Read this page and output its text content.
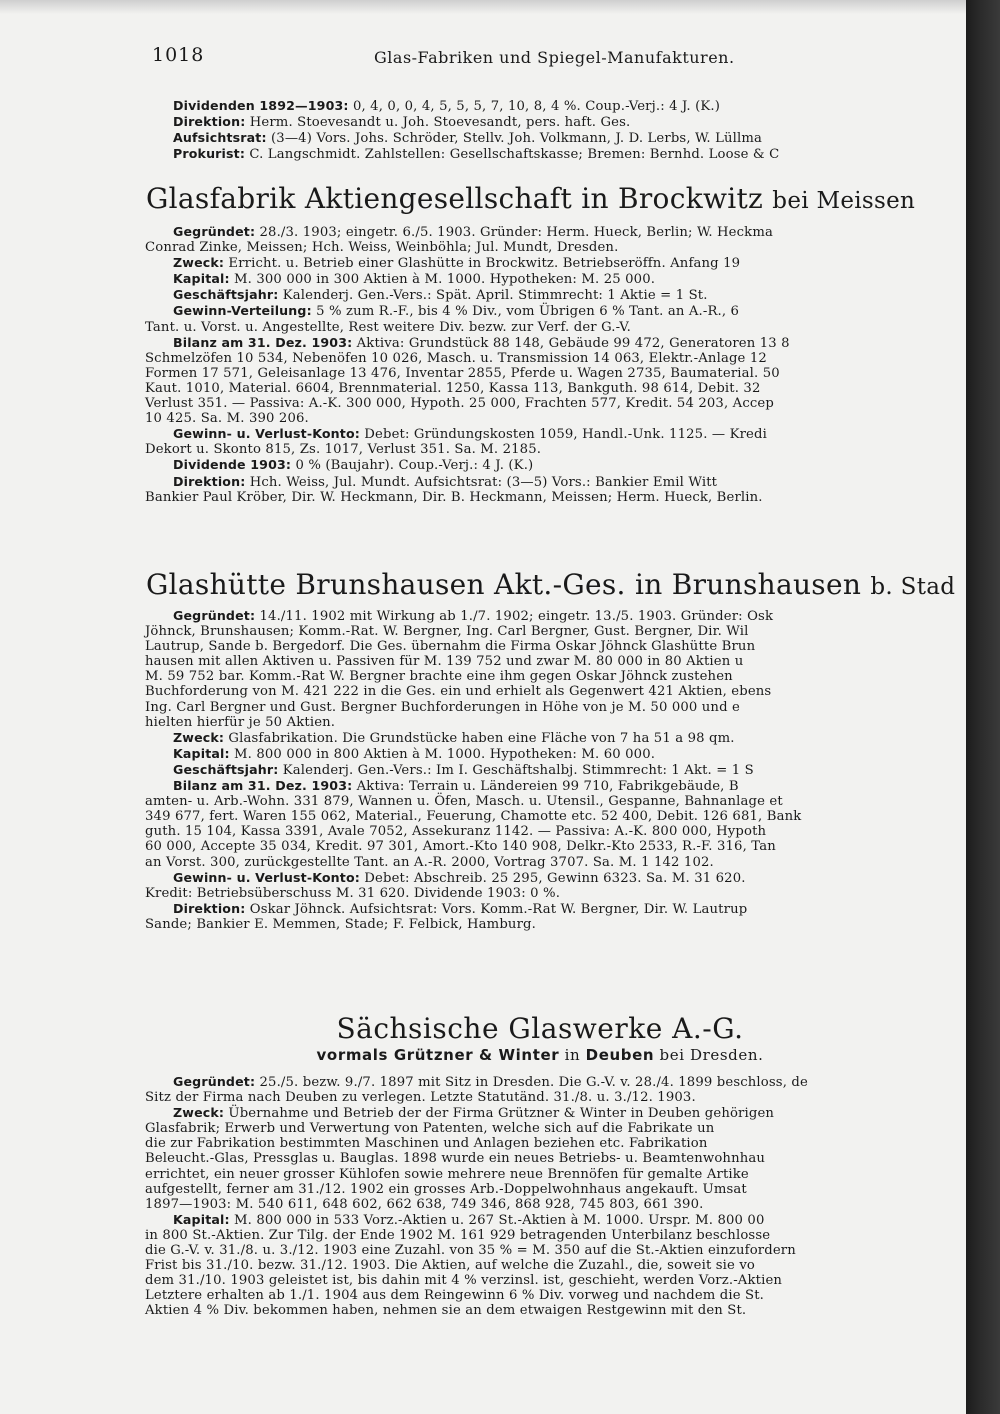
1018	Glas-Fabriken und Spiegel-Manufakturen.
Dividenden 1892—1903: 0, 4, 0, 0, 4, 5, 5, 5, 7, 10, 8, 4 %. Coup.-Verj.: 4 J. (K.)
Direktion: Herm. Stoevesandt u. Joh. Stoevesandt, pers. haft. Ges.
Aufsichtsrat: (3—4) Vors. Johs. Schröder, Stellv. Joh. Volkmann, J. D. Lerbs, W. Lüllma
Prokurist: C. Langschmidt. Zahlstellen: Gesellschaftskasse; Bremen: Bernhd. Loose & C
Glasfabrik Aktiengesellschaft in Brockwitz bei Meissen
Gegründet: 28./3. 1903; eingetr. 6./5. 1903. Gründer: Herm. Hueck, Berlin; W. Heckma
Conrad Zinke, Meissen; Hch. Weiss, Weinböhla; Jul. Mundt, Dresden.
Zweck: Erricht. u. Betrieb einer Glashütte in Brockwitz. Betriebseröffn. Anfang 19
Kapital: M. 300 000 in 300 Aktien à M. 1000. Hypotheken: M. 25 000.
Geschäftsjahr: Kalenderj. Gen.-Vers.: Spät. April. Stimmrecht: 1 Aktie = 1 St.
Gewinn-Verteilung: 5 % zum R.-F., bis 4 % Div., vom Übrigen 6 % Tant. an A.-R., 6
Tant. u. Vorst. u. Angestellte, Rest weitere Div. bezw. zur Verf. der G.-V.
Bilanz am 31. Dez. 1903: Aktiva: Grundstück 88 148, Gebäude 99 472, Generatoren 13 8
Schmelzöfen 10 534, Nebenöfen 10 026, Masch. u. Transmission 14 063, Elektr.-Anlage 12
Formen 17 571, Geleisanlage 13 476, Inventar 2855, Pferde u. Wagen 2735, Baumaterial. 50
Kaut. 1010, Material. 6604, Brennmaterial. 1250, Kassa 113, Bankguth. 98 614, Debit. 32
Verlust 351. — Passiva: A.-K. 300 000, Hypoth. 25 000, Frachten 577, Kredit. 54 203, Accep
10 425. Sa. M. 390 206.
Gewinn- u. Verlust-Konto: Debet: Gründungskosten 1059, Handl.-Unk. 1125. — Kredi
Dekort u. Skonto 815, Zs. 1017, Verlust 351. Sa. M. 2185.
Dividende 1903: 0 % (Baujahr). Coup.-Verj.: 4 J. (K.)
Direktion: Hch. Weiss, Jul. Mundt. Aufsichtsrat: (3—5) Vors.: Bankier Emil Witt
Bankier Paul Kröber, Dir. W. Heckmann, Dir. B. Heckmann, Meissen; Herm. Hueck, Berlin.
Glashütte Brunshausen Akt.-Ges. in Brunshausen b. Stad
Gegründet: 14./11. 1902 mit Wirkung ab 1./7. 1902; eingetr. 13./5. 1903. Gründer: Osk
Jöhnck, Brunshausen; Komm.-Rat. W. Bergner, Ing. Carl Bergner, Gust. Bergner, Dir. Wil
Lautrup, Sande b. Bergedorf. Die Ges. übernahm die Firma Oskar Jöhnck Glashütte Brun
hausen mit allen Aktiven u. Passiven für M. 139 752 und zwar M. 80 000 in 80 Aktien u
M. 59 752 bar. Komm.-Rat W. Bergner brachte eine ihm gegen Oskar Jöhnck zustehen
Buchforderung von M. 421 222 in die Ges. ein und erhielt als Gegenwert 421 Aktien, ebens
Ing. Carl Bergner und Gust. Bergner Buchforderungen in Höhe von je M. 50 000 und e
hielten hierfür je 50 Aktien.
Zweck: Glasfabrikation. Die Grundstücke haben eine Fläche von 7 ha 51 a 98 qm.
Kapital: M. 800 000 in 800 Aktien à M. 1000. Hypotheken: M. 60 000.
Geschäftsjahr: Kalenderj. Gen.-Vers.: Im I. Geschäftshalbj. Stimmrecht: 1 Akt. = 1 S
Bilanz am 31. Dez. 1903: Aktiva: Terrain u. Ländereien 99 710, Fabrikgebäude, B
amten- u. Arb.-Wohn. 331 879, Wannen u. Öfen, Masch. u. Utensil., Gespanne, Bahnanlage et
349 677, fert. Waren 155 062, Material., Feuerung, Chamotte etc. 52 400, Debit. 126 681, Bank
guth. 15 104, Kassa 3391, Avale 7052, Assekuranz 1142. — Passiva: A.-K. 800 000, Hypoth
60 000, Accepte 35 034, Kredit. 97 301, Amort.-Kto 140 908, Delkr.-Kto 2533, R.-F. 316, Tan
an Vorst. 300, zurückgestellte Tant. an A.-R. 2000, Vortrag 3707. Sa. M. 1 142 102.
Gewinn- u. Verlust-Konto: Debet: Abschreib. 25 295, Gewinn 6323. Sa. M. 31 620.
Kredit: Betriebsüberschuss M. 31 620. Dividende 1903: 0 %.
Direktion: Oskar Jöhnck. Aufsichtsrat: Vors. Komm.-Rat W. Bergner, Dir. W. Lautrup
Sande; Bankier E. Memmen, Stade; F. Felbick, Hamburg.
Sächsische Glaswerke A.-G.
vormals Grützner & Winter in Deuben bei Dresden.
Gegründet: 25./5. bezw. 9./7. 1897 mit Sitz in Dresden. Die G.-V. v. 28./4. 1899 beschloss, de
Sitz der Firma nach Deuben zu verlegen. Letzte Statutänd. 31./8. u. 3./12. 1903.
Zweck: Übernahme und Betrieb der der Firma Grützner & Winter in Deuben gehörigen
Glasfabrik; Erwerb und Verwertung von Patenten, welche sich auf die Fabrikate un
die zur Fabrikation bestimmten Maschinen und Anlagen beziehen etc. Fabrikation
Beleucht.-Glas, Pressglas u. Bauglas. 1898 wurde ein neues Betriebs- u. Beamtenwohnhau
errichtet, ein neuer grosser Kühlofen sowie mehrere neue Brennöfen für gemalte Artike
aufgestellt, ferner am 31./12. 1902 ein grosses Arb.-Doppelwohnhaus angekauft. Umsat
1897—1903: M. 540 611, 648 602, 662 638, 749 346, 868 928, 745 803, 661 390.
Kapital: M. 800 000 in 533 Vorz.-Aktien u. 267 St.-Aktien à M. 1000. Urspr. M. 800 00
in 800 St.-Aktien. Zur Tilg. der Ende 1902 M. 161 929 betragenden Unterbilanz beschlosse
die G.-V. v. 31./8. u. 3./12. 1903 eine Zuzahl. von 35 % = M. 350 auf die St.-Aktien einzufordern
Frist bis 31./10. bezw. 31./12. 1903. Die Aktien, auf welche die Zuzahl., die, soweit sie vo
dem 31./10. 1903 geleistet ist, bis dahin mit 4 % verzinsl. ist, geschieht, werden Vorz.-Aktien
Letztere erhalten ab 1./1. 1904 aus dem Reingewinn 6 % Div. vorweg und nachdem die St.
Aktien 4 % Div. bekommen haben, nehmen sie an dem etwaigen Restgewinn mit den St.
